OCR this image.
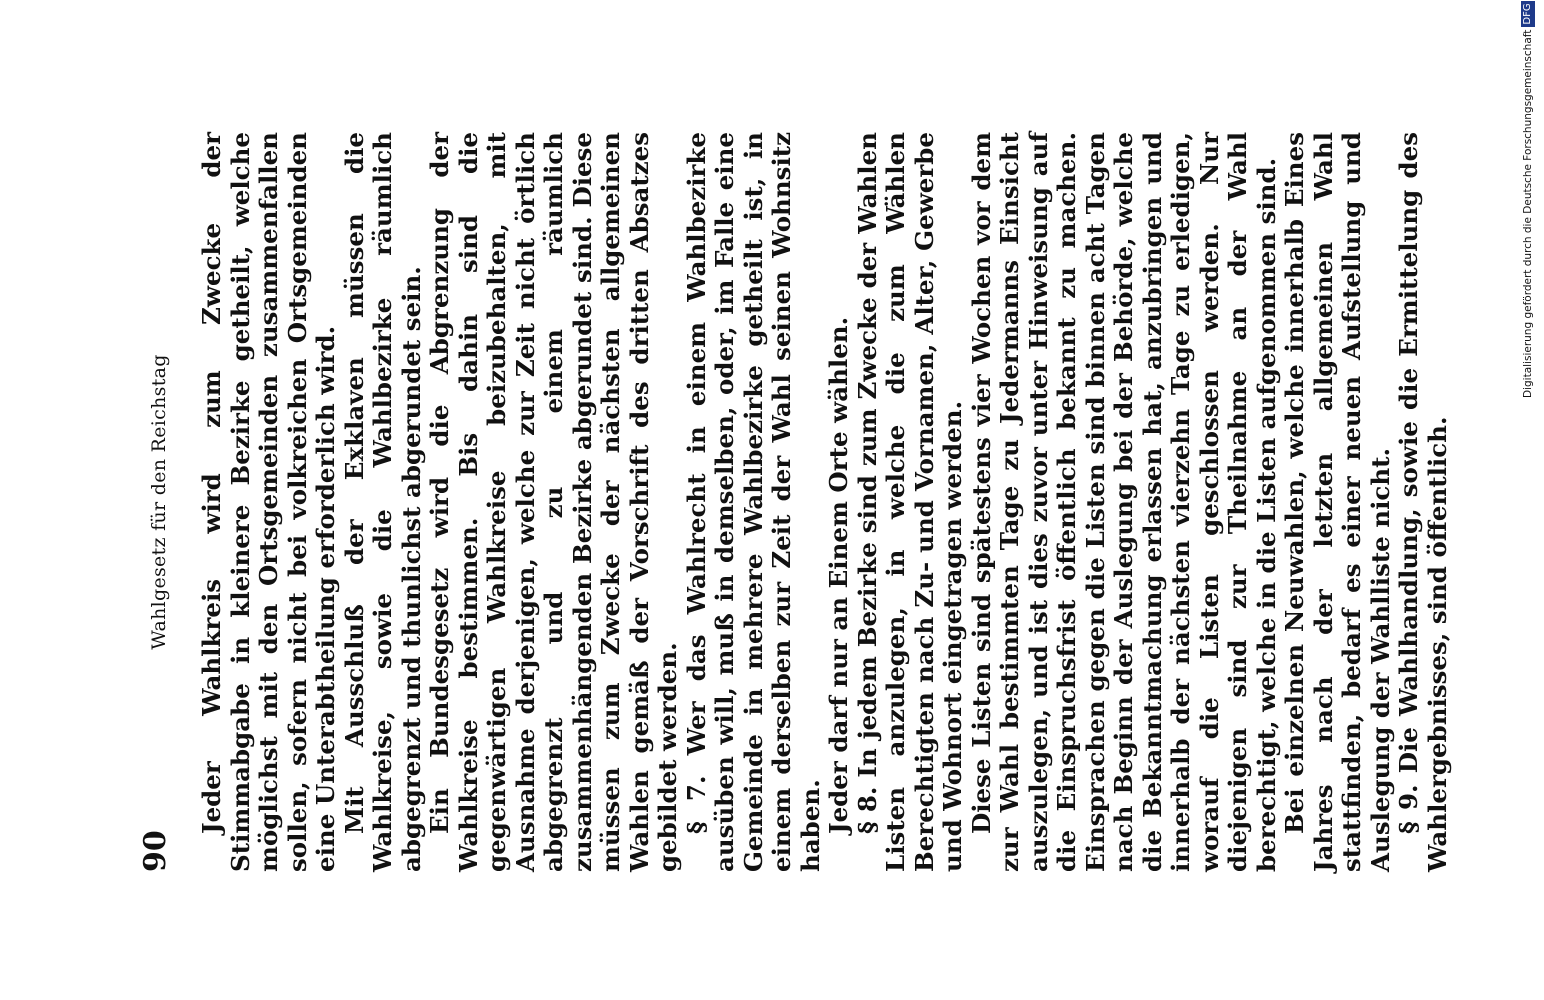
90
Wahlgesetz für den Reichstag Jeder Wahlkreis wird zum Zwecke der Stimmabgabe in kleinere Bezirke getheilt, welche möglichst mit den Ortsgemeinden zusammenfallen sollen, sofern nicht bei volkreichen Ortsgemeinden eine Unterabtheilung erforderlich wird. Mit Ausschluß der Exklaven müssen die Wahlkreise, sowie die Wahlbezirke räumlich abgegrenzt und thunlichst abgerundet sein. Ein Bundesgesetz wird die Abgrenzung der Wahlkreise bestimmen. Bis dahin sind die gegenwärtigen Wahlkreise beizubehalten, mit Ausnahme derjenigen, welche zur Zeit nicht örtlich abgegrenzt und zu einem räumlich zusammenhängenden Bezirke abgerundet sind. Diese müssen zum Zwecke der nächsten allgemeinen Wahlen gemäß der Vorschrift des dritten Absatzes gebildet werden. § 7. Wer das Wahlrecht in einem Wahlbezirke ausüben will, muß in demselben, oder, im Falle eine Gemeinde in mehrere Wahlbezirke getheilt ist, in einem derselben zur Zeit der Wahl seinen Wohnsitz haben. Jeder darf nur an Einem Orte wählen. § 8. In jedem Bezirke sind zum Zwecke der Wahlen Listen anzulegen, in welche die zum Wählen Berechtigten nach Zu- und Vornamen, Alter, Gewerbe und Wohnort eingetragen werden. Diese Listen sind spätestens vier Wochen vor dem zur Wahl bestimmten Tage zu Jedermanns Einsicht auszulegen, und ist dies zuvor unter Hinweisung auf die Einspruchsfrist öffentlich bekannt zu machen. Einsprachen gegen die Listen sind binnen acht Tagen nach Beginn der Auslegung bei der Behörde, welche die Bekanntmachung erlassen hat, anzubringen und innerhalb der nächsten vierzehn Tage zu erledigen, worauf die Listen geschlossen werden. Nur diejenigen sind zur Theilnahme an der Wahl berechtigt, welche in die Listen aufgenommen sind. Bei einzelnen Neuwahlen, welche innerhalb Eines Jahres nach der letzten allgemeinen Wahl stattfinden, bedarf es einer neuen Aufstellung und Auslegung der Wahlliste nicht. § 9. Die Wahlhandlung, sowie die Ermittelung des Wahlergebnisses, sind öffentlich.

Digitalisierung gefördert durch die Deutsche Forschungsgemeinschaft
DFG
